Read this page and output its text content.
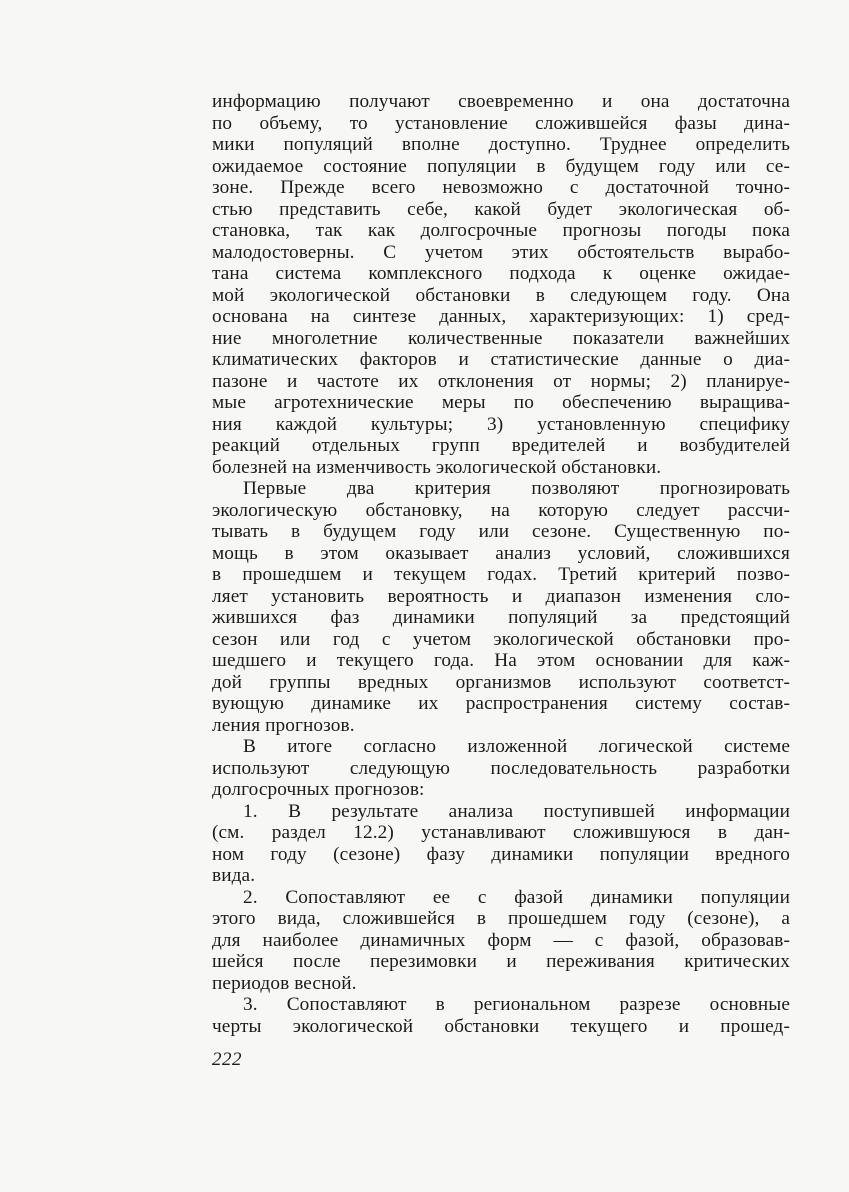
информацию получают своевременно и она достаточна
по объему, то установление сложившейся фазы дина-
мики популяций вполне доступно. Труднее определить
ожидаемое состояние популяции в будущем году или се-
зоне. Прежде всего невозможно с достаточной точно-
стью представить себе, какой будет экологическая об-
становка, так как долгосрочные прогнозы погоды пока
малодостоверны. С учетом этих обстоятельств вырабо-
тана система комплексного подхода к оценке ожидае-
мой экологической обстановки в следующем году. Она
основана на синтезе данных, характеризующих: 1) сред-
ние многолетние количественные показатели важнейших
климатических факторов и статистические данные о диа-
пазоне и частоте их отклонения от нормы; 2) планируе-
мые агротехнические меры по обеспечению выращива-
ния каждой культуры; 3) установленную специфику
реакций отдельных групп вредителей и возбудителей
болезней на изменчивость экологической обстановки.
Первые два критерия позволяют прогнозировать
экологическую обстановку, на которую следует рассчи-
тывать в будущем году или сезоне. Существенную по-
мощь в этом оказывает анализ условий, сложившихся
в прошедшем и текущем годах. Третий критерий позво-
ляет установить вероятность и диапазон изменения сло-
жившихся фаз динамики популяций за предстоящий
сезон или год с учетом экологической обстановки про-
шедшего и текущего года. На этом основании для каж-
дой группы вредных организмов используют соответст-
вующую динамике их распространения систему состав-
ления прогнозов.
В итоге согласно изложенной логической системе
используют следующую последовательность разработки
долгосрочных прогнозов:
1. В результате анализа поступившей информации
(см. раздел 12.2) устанавливают сложившуюся в дан-
ном году (сезоне) фазу динамики популяции вредного
вида.
2. Сопоставляют ее с фазой динамики популяции
этого вида, сложившейся в прошедшем году (сезоне), а
для наиболее динамичных форм — с фазой, образовав-
шейся после перезимовки и переживания критических
периодов весной.
3. Сопоставляют в региональном разрезе основные
черты экологической обстановки текущего и прошед-
222
